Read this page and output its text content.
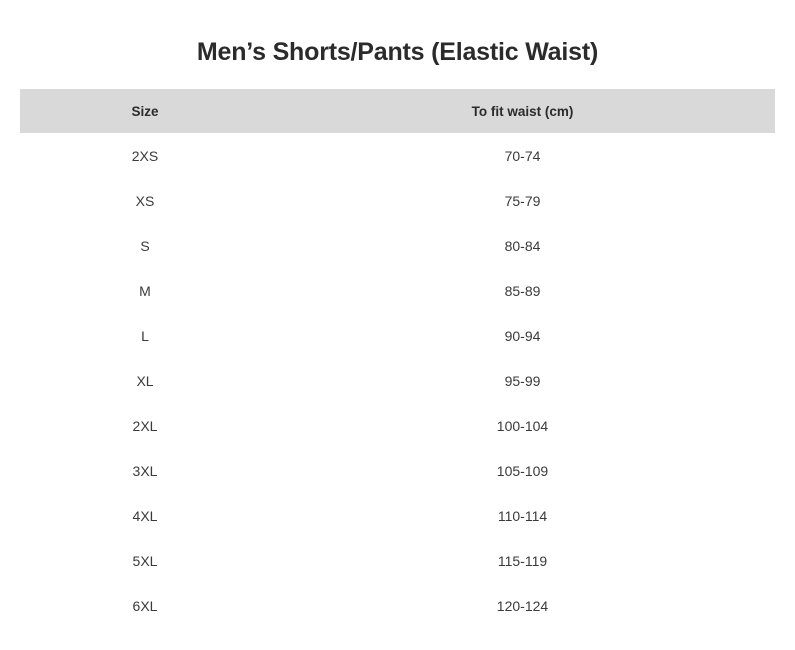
Men’s Shorts/Pants (Elastic Waist)
Size	To fit waist (cm)
2XS	70-74
XS	75-79
S	80-84
M	85-89
L	90-94
XL	95-99
2XL	100-104
3XL	105-109
4XL	110-114
5XL	115-119
6XL	120-124
